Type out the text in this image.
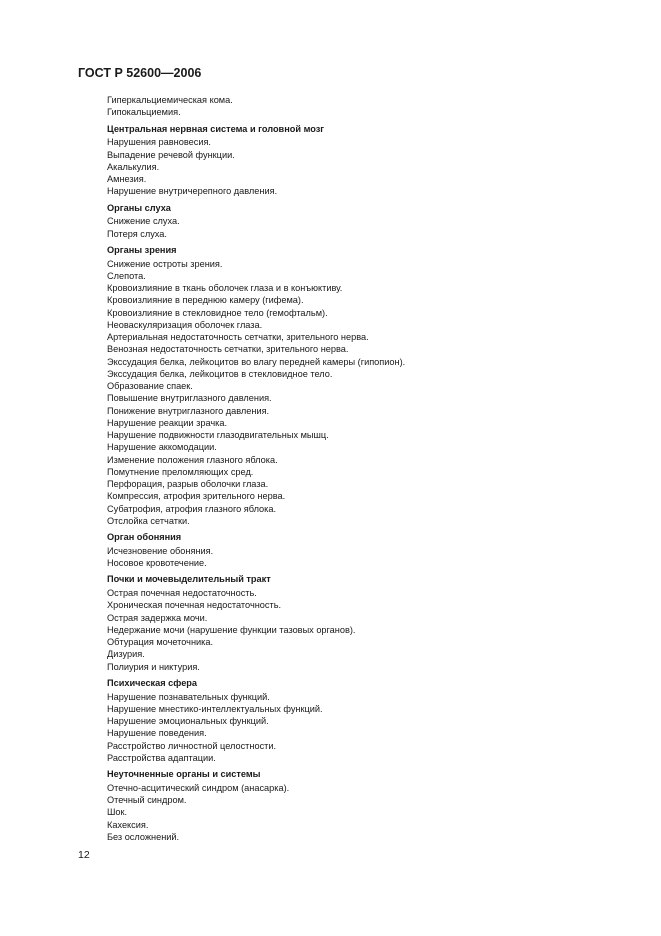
ГОСТ Р 52600—2006
Гиперкальциемическая кома.
Гипокальциемия.
Центральная нервная система и головной мозг
Нарушения равновесия.
Выпадение речевой функции.
Акалькулия.
Амнезия.
Нарушение внутричерепного давления.
Органы слуха
Снижение слуха.
Потеря слуха.
Органы зрения
Снижение остроты зрения.
Слепота.
Кровоизлияние в ткань оболочек глаза и в конъюктиву.
Кровоизлияние в переднюю камеру (гифема).
Кровоизлияние в стекловидное тело (гемофтальм).
Неоваскуляризация оболочек глаза.
Артериальная недостаточность сетчатки, зрительного нерва.
Венозная недостаточность сетчатки, зрительного нерва.
Экссудация белка, лейкоцитов во влагу передней камеры (гипопион).
Экссудация белка, лейкоцитов в стекловидное тело.
Образование спаек.
Повышение внутриглазного давления.
Понижение внутриглазного давления.
Нарушение реакции зрачка.
Нарушение подвижности глазодвигательных мышц.
Нарушение аккомодации.
Изменение положения глазного яблока.
Помутнение преломляющих сред.
Перфорация, разрыв оболочки глаза.
Компрессия, атрофия зрительного нерва.
Субатрофия, атрофия глазного яблока.
Отслойка сетчатки.
Орган обоняния
Исчезновение обоняния.
Носовое кровотечение.
Почки и мочевыделительный тракт
Острая почечная недостаточность.
Хроническая почечная недостаточность.
Острая задержка мочи.
Недержание мочи (нарушение функции тазовых органов).
Обтурация мочеточника.
Дизурия.
Полиурия и никтурия.
Психическая сфера
Нарушение познавательных функций.
Нарушение мнестико-интеллектуальных функций.
Нарушение эмоциональных функций.
Нарушение поведения.
Расстройство личностной целостности.
Расстройства адаптации.
Неуточненные органы и системы
Отечно-асцитический синдром (анасарка).
Отечный синдром.
Шок.
Кахексия.
Без осложнений.
12
